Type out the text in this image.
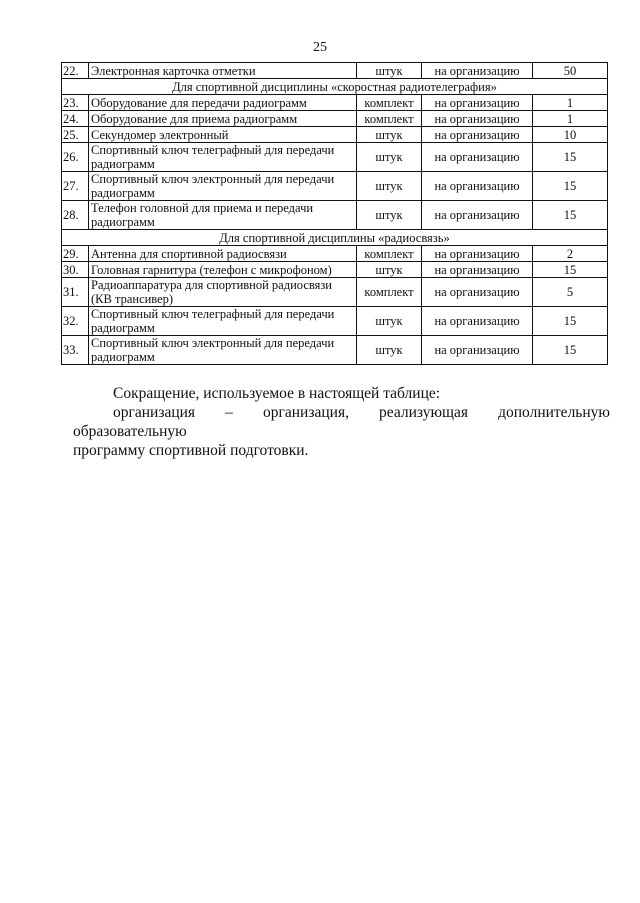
25
22.	Электронная карточка отметки	штук	на организацию	50
Для спортивной дисциплины «скоростная радиотелеграфия»				
23.	Оборудование для передачи радиограмм	комплект	на организацию	1
24.	Оборудование для приема радиограмм	комплект	на организацию	1
25.	Секундомер электронный	штук	на организацию	10
26.	Спортивный ключ телеграфный для передачи радиограмм	штук	на организацию	15
27.	Спортивный ключ электронный для передачи радиограмм	штук	на организацию	15
28.	Телефон головной для приема и передачи радиограмм	штук	на организацию	15
Для спортивной дисциплины «радиосвязь»				
29.	Антенна для спортивной радиосвязи	комплект	на организацию	2
30.	Головная гарнитура (телефон с микрофоном)	штук	на организацию	15
31.	Радиоаппаратура для спортивной радиосвязи (КВ трансивер)	комплект	на организацию	5
32.	Спортивный ключ телеграфный для передачи радиограмм	штук	на организацию	15
33.	Спортивный ключ электронный для передачи радиограмм	штук	на организацию	15

Сокращение, используемое в настоящей таблице:

организация – организация, реализующая дополнительную образовательную

программу спортивной подготовки.
